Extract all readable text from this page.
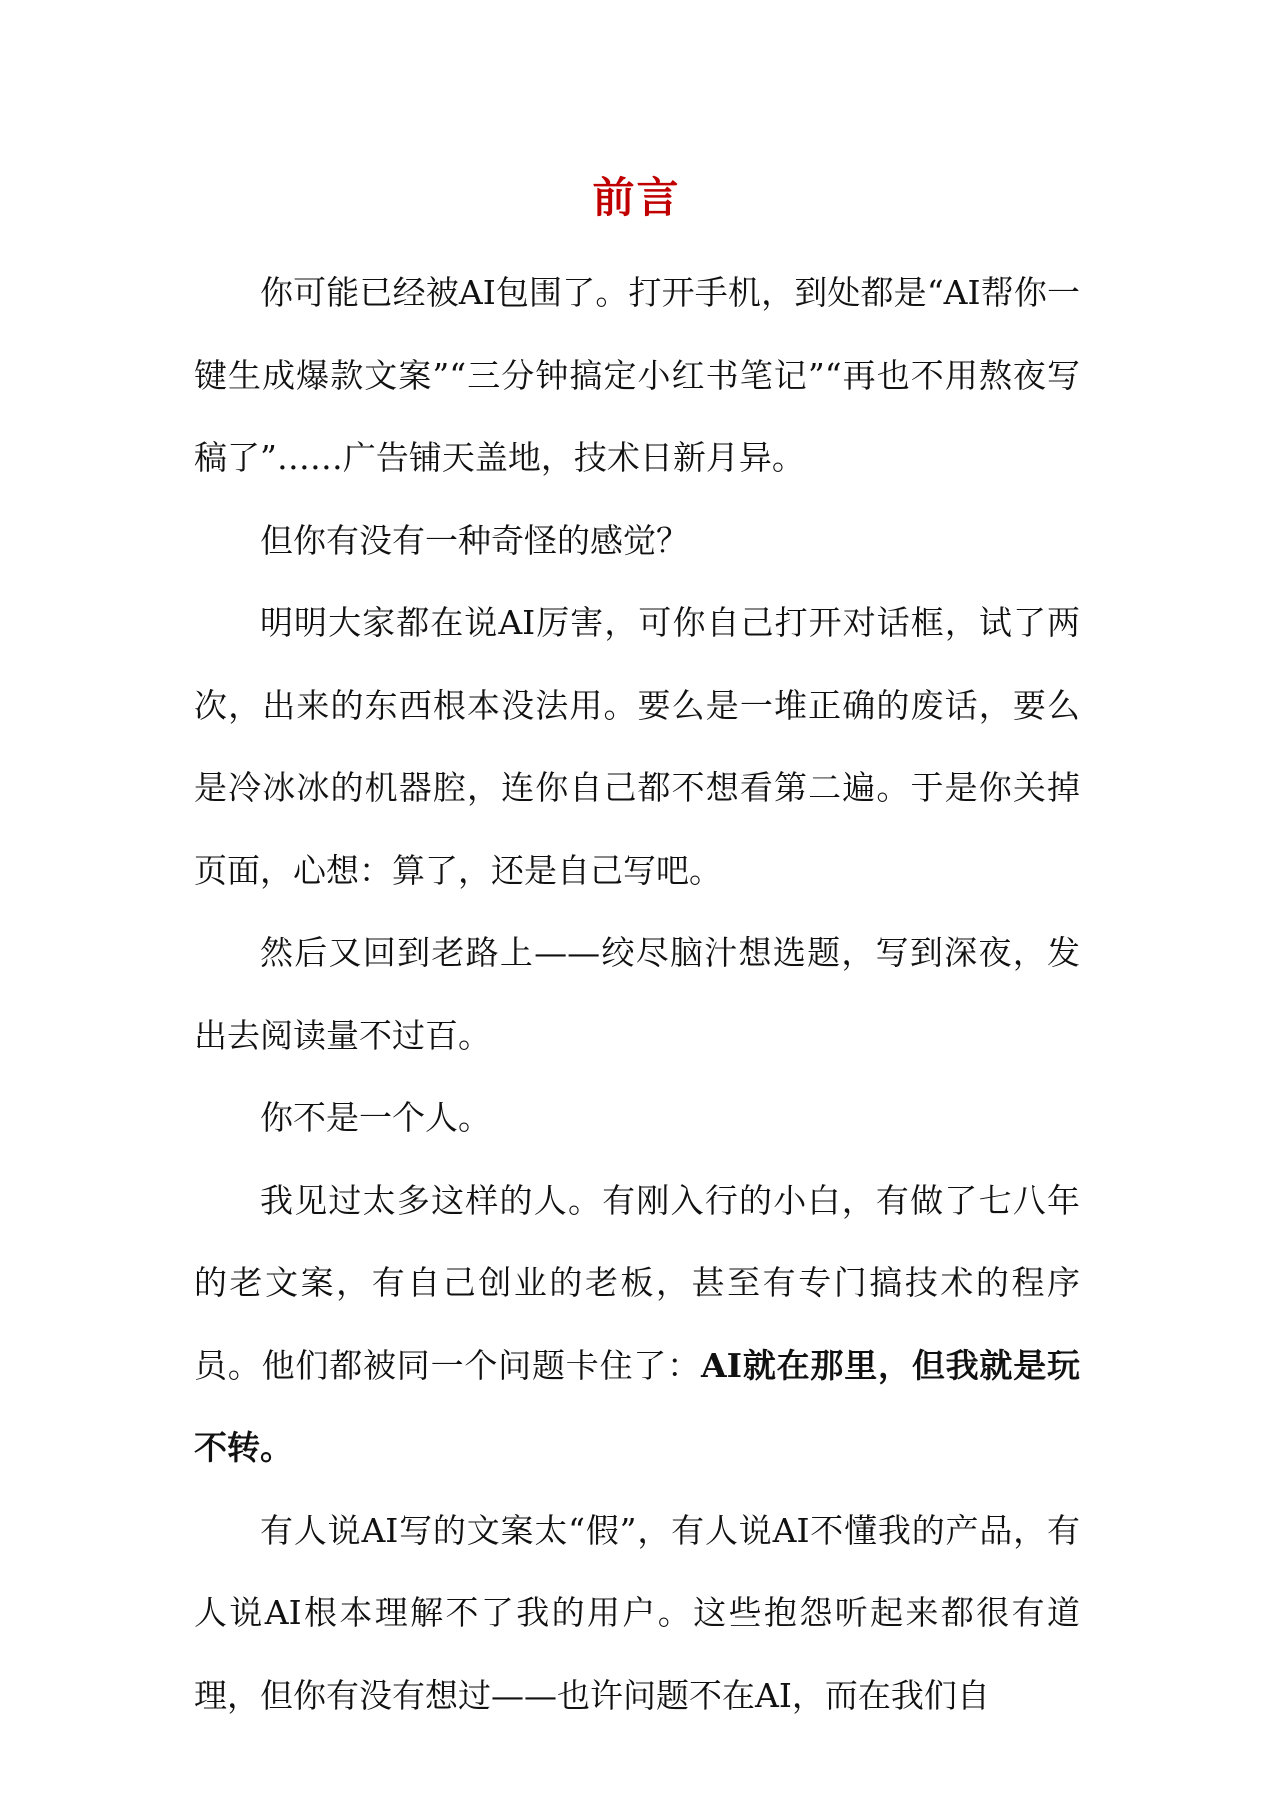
前言

你可能已经被AI包围了。打开手机，到处都是“AI帮你一键生成爆款文案”“三分钟搞定小红书笔记”“再也不用熬夜写稿了”……广告铺天盖地，技术日新月异。

但你有没有一种奇怪的感觉？

明明大家都在说AI厉害，可你自己打开对话框，试了两次，出来的东西根本没法用。要么是一堆正确的废话，要么是冷冰冰的机器腔，连你自己都不想看第二遍。于是你关掉页面，心想：算了，还是自己写吧。

然后又回到老路上——绞尽脑汁想选题，写到深夜，发出去阅读量不过百。

你不是一个人。

我见过太多这样的人。有刚入行的小白，有做了七八年的老文案，有自己创业的老板，甚至有专门搞技术的程序员。他们都被同一个问题卡住了：AI就在那里，但我就是玩不转。

有人说AI写的文案太“假”，有人说AI不懂我的产品，有人说AI根本理解不了我的用户。这些抱怨听起来都很有道理，但你有没有想过——也许问题不在AI，而在我们自
